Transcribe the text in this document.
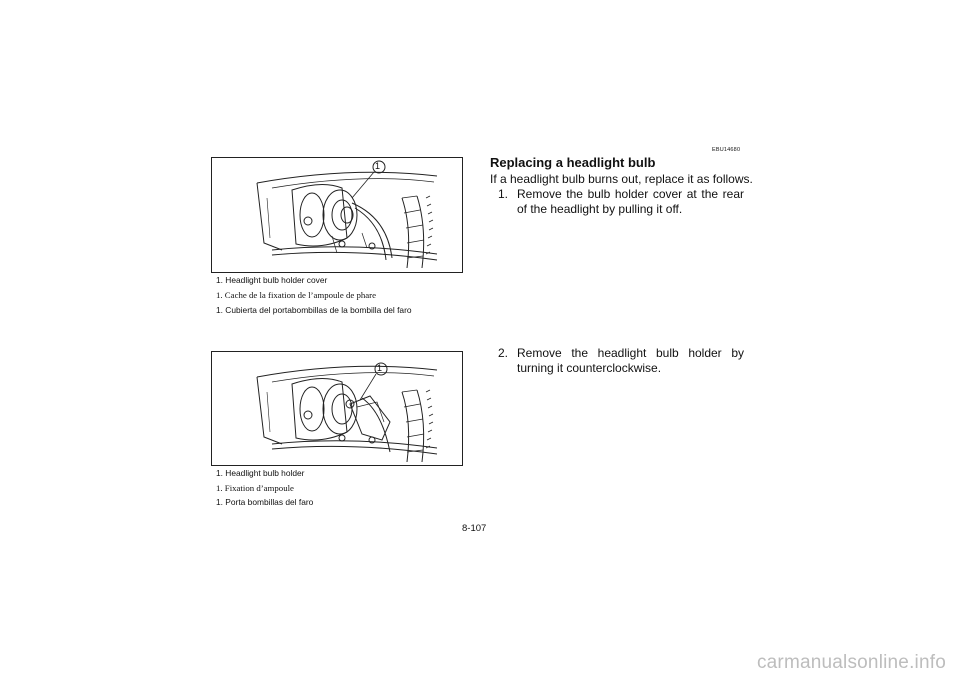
1
1. Headlight bulb holder cover
1. Cache de la fixation de l’ampoule de phare
1. Cubierta del portabombillas de la bombilla del faro
1
1. Headlight bulb holder
1. Fixation d’ampoule
1. Porta bombillas del faro
EBU14680
Replacing a headlight bulb
If a headlight bulb burns out, replace it as follows.
1. Remove the bulb holder cover at the rear of the headlight by pulling it off.
2. Remove the headlight bulb holder by turning it counterclockwise.
8-107
carmanualsonline.info
